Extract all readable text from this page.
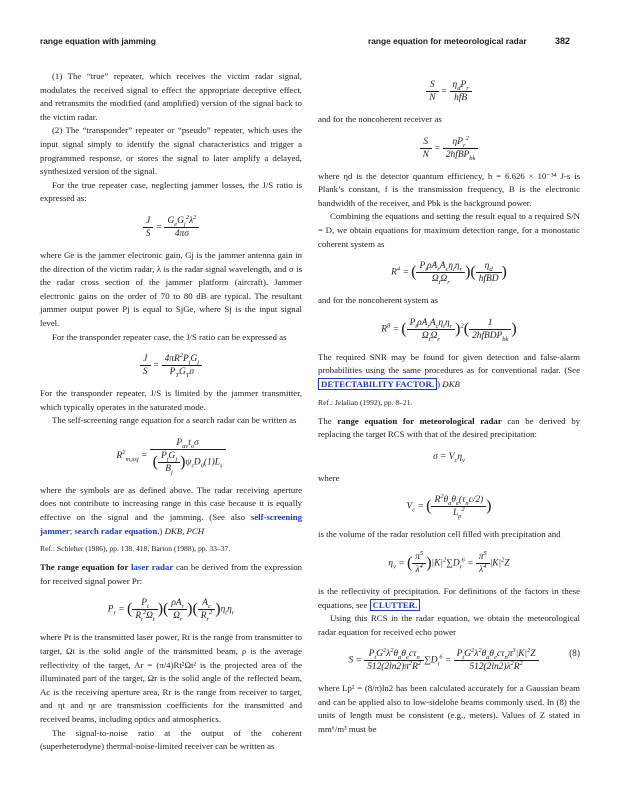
range equation with jamming	range equation for meteorological radar	382

(1) The “true” repeater, which receives the victim radar signal, modulates the received signal to effect the appropriate deceptive effect, and retransmits the modified (and amplified) version of the signal back to the victim radar.

(2) The “transponder” repeater or “pseudo” repeater, which uses the input signal simply to identify the signal characteristics and trigger a programmed response, or stores the signal to later amplify a delayed, synthesized version of the signal.

For the true repeater case, neglecting jammer losses, the J/S ratio is expressed as:

$\frac{J}{S} = \frac{G_eG_j^2\lambda^2}{4\pi\sigma}$

where Ge is the jammer electronic gain, Gj is the jammer antenna gain in the direction of the victim radar, λ is the radar signal wavelength, and σ is the radar cross section of the jammer platform (aircraft). Jammer electronic gains on the order of 70 to 80 dB are typical. The resultant jammer output power Pj is equal to SjGe, where Sj is the input signal level.

For the transponder repeater case, the J/S ratio can be expressed as

$\frac{J}{S} = \frac{4\pi R^2P_jG_j}{P_TG_T\sigma}$

For the transponder repeater, J/S is limited by the jammer transmitter, which typically operates in the saturated mode.

The self-screening range equation for a search radar can be written as

$R^2_{m,ssj} = \frac{P_{av}t_o\sigma}{( \frac{P_jG_j}{B_j} )\psi_sD_0(1)L_s}$

where the symbols are as defined above. The radar receiving aperture does not contribute to increasing range in this case because it is equally effective on the signal and the jamming. (See also self-screening jammer; search radar equation.) DKB, PCH

Ref.: Schleher (1986), pp. 138, 418; Barton (1988), pp. 33–37.

The range equation for laser radar can be derived from the expression for received signal power Pr:

$P_r$ = ( $\frac{P_t}{R_t^2\Omega_t}$ )( $\frac{\rho A_r}{\Omega_r}$ )( $\frac{A_c}{R_r^2} )\eta_t\eta_r$

where Pt is the transmitted laser power, Rt is the range from transmitter to target, Ωt is the solid angle of the transmitted beam, ρ is the average reflectivity of the target, Ar = (π/4)Rt²Ωt² is the projected area of the illuminated part of the target, Ωr is the solid angle of the reflected beam, Ac is the receiving aperture area, Rr is the range from receiver to target, and ηt and ηr are transmission coefficients for the transmitted and received beams, including optics and atmospherics.

The signal-to-noise ratio at the output of the coherent (superheterodyne) thermal-noise-limited receiver can be written as

$\frac{S}{N} = \frac{\eta_dP_r}{\text{hfB}}$

and for the noncoherent receiver as

$\frac{S}{N} = \frac{\eta P_r^2}{2hfBP_{bk}}$

where ηd is the detector quantum efficiency, h = 6.626 × 10⁻³⁴ J-s is Plank’s constant, f is the transmission frequency, B is the electronic bandwidth of the receiver, and Pbk is the background power.

Combining the equations and setting the result equal to a required S/N = D, we obtain equations for maximum detection range, for a monostatic coherent system as

$R^4$ = ( $\frac{P_t\rho A_rA_c\eta_t\eta_r}{\Omega_t\Omega_r}$ )( $\frac{\eta_d}{\text{hfBD}}$ )

and for the noncoherent system as

$R^8$ = ( $\frac{P_t\rho A_rA_c\eta_t\eta_r}{\Omega_t\Omega_r} )^2( \frac{1}{2hfBDP_{bk}}$ )

The required SNR may be found for given detection and false-alarm probabilities using the same procedures as for conventional radar. (See DETECTABILITY FACTOR. ) DKB

Ref.: Jelalian (1992), pp. 8–21.

The range equation for meteorological radar can be derived by replacing the target RCS with that of the desired precipitation:

$\sigma = V_c\eta_v$

where

$V_c$ = ( $\frac{R^2\theta_a\theta_e(\tau_nc/2)}{L_p^2}$ )

is the volume of the radar resolution cell filled with precipitation and

$\eta_v$ = ( $\frac{\pi^5}{\lambda^4} )|K|^2\sum D_i^6 = \frac{\pi^5}{\lambda^4} |K|^2Z$

is the reflectivity of precipitation. For definitions of the factors in these equations, see CLUTTER.

Using this RCS in the radar equation, we obtain the meteorological radar equation for received echo power

$S = \frac{P_tG^2\lambda^2\theta_a\theta_ec\tau_n}{512(2\ln 2)\pi^2R^2} \sum D_i^6 = \frac{P_tG^2\lambda^2\theta_a\theta_ec\tau_n\pi^3|K|^2Z}{512(2\ln 2)\lambda^2R^2}$	(8)

where Lp² = (8/π)ln2 has been calculated accurately for a Gaussian beam and can be applied also to low-sidelobe beams commonly used. In (8) the units of length must be consistent (e.g., meters). Values of Z stated in mm⁶/m³ must be
